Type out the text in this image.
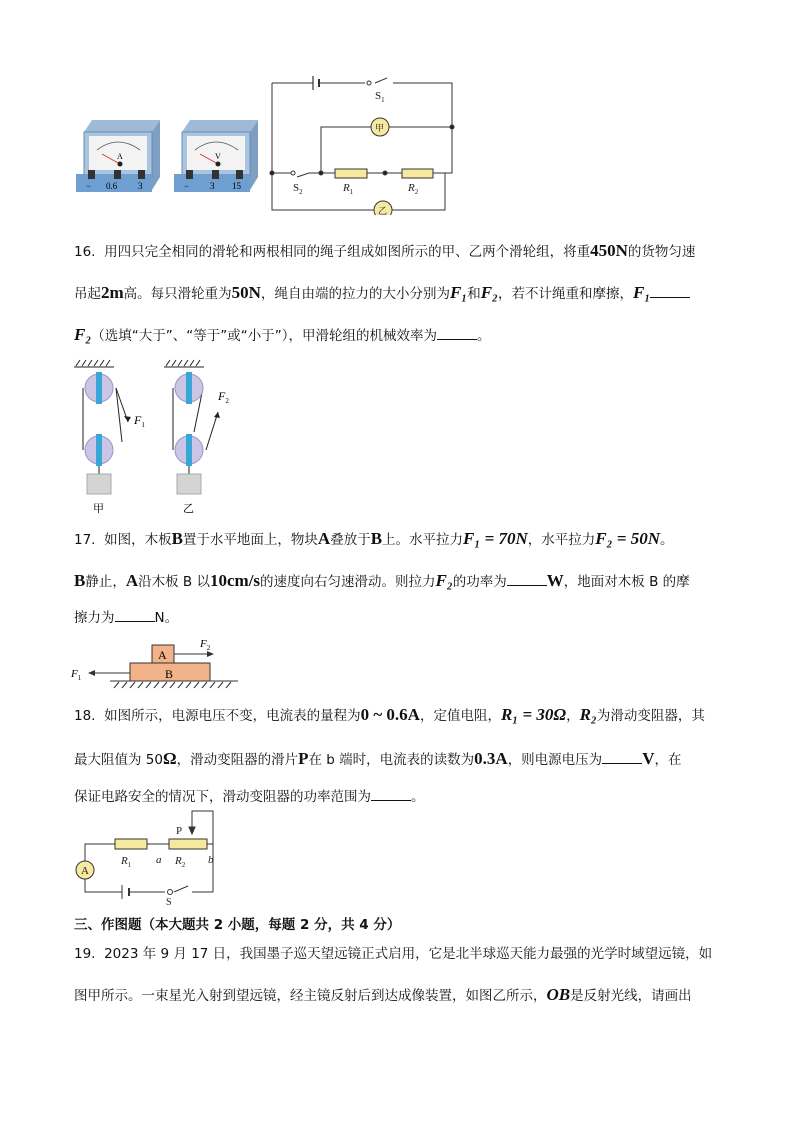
A
− 0.6 3
V
− 3 15
甲
乙
$S_1$
$S_2$	$R_1$	$R_2$
16. 用四只完全相同的滑轮和两根相同的绳子组成如图所示的甲、乙两个滑轮组，将重450N的货物匀速
吊起2m高。每只滑轮重为50N，绳自由端的拉力的大小分别为F₁和F₂，若不计绳重和摩擦，F₁
F₂（选填“大于”、“等于”或“小于”），甲滑轮组的机械效率为	。
$F_1$
$F_2$
甲	乙
17. 如图，木板B置于水平地面上，物块A叠放于B上。水平拉力F₁ = 70N，水平拉力F₂ = 50N。
B静止，A沿木板 B 以10cm/s的速度向右匀速滑动。则拉力F₂的功率为 W，地面对木板 B 的摩
擦力为	N。
A
B
$F_2$
$F_1$
18. 如图所示，电源电压不变，电流表的量程为0 ~ 0.6A，定值电阻，R₁ = 30Ω，R₂为滑动变阻器，其
最大阻值为 50Ω，滑动变阻器的滑片P在 b 端时，电流表的读数为0.3A，则电源电压为 V，在
保证电路安全的情况下，滑动变阻器的功率范围为	。
A
P
a	b
$R_1$	$R_2$
S
三、作图题（本大题共 2 小题，每题 2 分，共 4 分）
19. 2023 年 9 月 17 日，我国墨子巡天望远镜正式启用，它是北半球巡天能力最强的光学时域望远镜，如
图甲所示。一束星光入射到望远镜，经主镜反射后到达成像装置，如图乙所示，OB是反射光线，请画出
